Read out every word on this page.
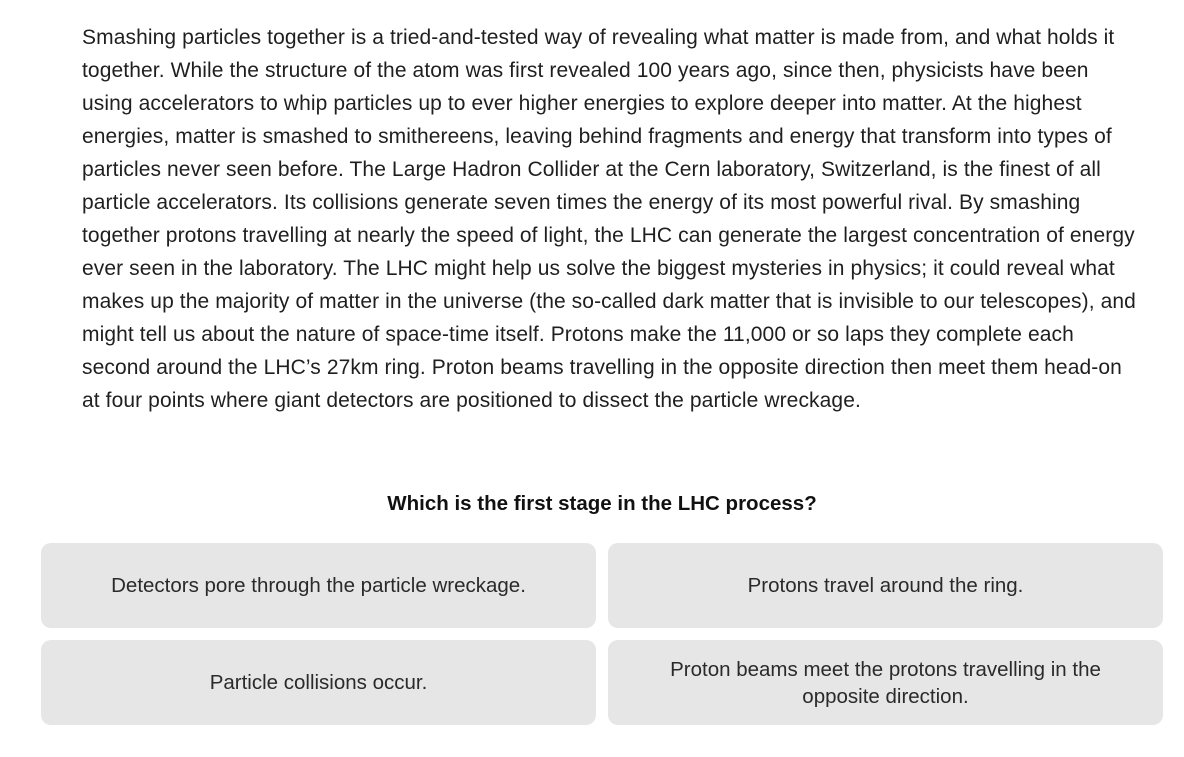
Smashing particles together is a tried-and-tested way of revealing what matter is made from, and what holds it together. While the structure of the atom was first revealed 100 years ago, since then, physicists have been using accelerators to whip particles up to ever higher energies to explore deeper into matter. At the highest energies, matter is smashed to smithereens, leaving behind fragments and energy that transform into types of particles never seen before. The Large Hadron Collider at the Cern laboratory, Switzerland, is the finest of all particle accelerators. Its collisions generate seven times the energy of its most powerful rival. By smashing together protons travelling at nearly the speed of light, the LHC can generate the largest concentration of energy ever seen in the laboratory. The LHC might help us solve the biggest mysteries in physics; it could reveal what makes up the majority of matter in the universe (the so-called dark matter that is invisible to our telescopes), and might tell us about the nature of space-time itself. Protons make the 11,000 or so laps they complete each second around the LHC’s 27km ring. Proton beams travelling in the opposite direction then meet them head-on at four points where giant detectors are positioned to dissect the particle wreckage.

Which is the first stage in the LHC process?

Detectors pore through the particle wreckage.	Protons travel around the ring.
Particle collisions occur.
Proton beams meet the protons travelling in the opposite direction.
